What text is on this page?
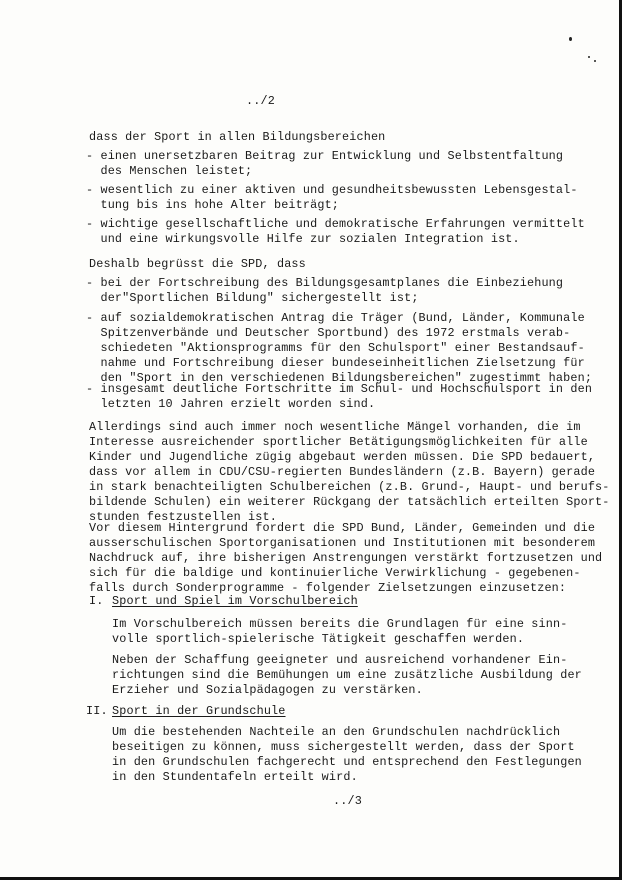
../2
dass der Sport in allen Bildungsbereichen
- einen unersetzbaren Beitrag zur Entwicklung und Selbstentfaltung
des Menschen leistet;
- wesentlich zu einer aktiven und gesundheitsbewussten Lebensgestal-
tung bis ins hohe Alter beiträgt;
- wichtige gesellschaftliche und demokratische Erfahrungen vermittelt
und eine wirkungsvolle Hilfe zur sozialen Integration ist.
Deshalb begrüsst die SPD, dass
- bei der Fortschreibung des Bildungsgesamtplanes die Einbeziehung
der"Sportlichen Bildung" sichergestellt ist;
- auf sozialdemokratischen Antrag die Träger (Bund, Länder, Kommunale
Spitzenverbände und Deutscher Sportbund) des 1972 erstmals verab-
schiedeten "Aktionsprogramms für den Schulsport" einer Bestandsauf-
nahme und Fortschreibung dieser bundeseinheitlichen Zielsetzung für
den "Sport in den verschiedenen Bildungsbereichen" zugestimmt haben;
- insgesamt deutliche Fortschritte im Schul- und Hochschulsport in den
letzten 10 Jahren erzielt worden sind.
Allerdings sind auch immer noch wesentliche Mängel vorhanden, die im
Interesse ausreichender sportlicher Betätigungsmöglichkeiten für alle
Kinder und Jugendliche zügig abgebaut werden müssen. Die SPD bedauert,
dass vor allem in CDU/CSU-regierten Bundesländern (z.B. Bayern) gerade
in stark benachteiligten Schulbereichen (z.B. Grund-, Haupt- und berufs-
bildende Schulen) ein weiterer Rückgang der tatsächlich erteilten Sport-
stunden festzustellen ist.
Vor diesem Hintergrund fordert die SPD Bund, Länder, Gemeinden und die
ausserschulischen Sportorganisationen und Institutionen mit besonderem
Nachdruck auf, ihre bisherigen Anstrengungen verstärkt fortzusetzen und
sich für die baldige und kontinuierliche Verwirklichung - gegebenen-
falls durch Sonderprogramme - folgender Zielsetzungen einzusetzen:
I. Sport und Spiel im Vorschulbereich
Im Vorschulbereich müssen bereits die Grundlagen für eine sinn-
volle sportlich-spielerische Tätigkeit geschaffen werden.
Neben der Schaffung geeigneter und ausreichend vorhandener Ein-
richtungen sind die Bemühungen um eine zusätzliche Ausbildung der
Erzieher und Sozialpädagogen zu verstärken.
II. Sport in der Grundschule
Um die bestehenden Nachteile an den Grundschulen nachdrücklich
beseitigen zu können, muss sichergestellt werden, dass der Sport
in den Grundschulen fachgerecht und entsprechend den Festlegungen
in den Stundentafeln erteilt wird.
../3
